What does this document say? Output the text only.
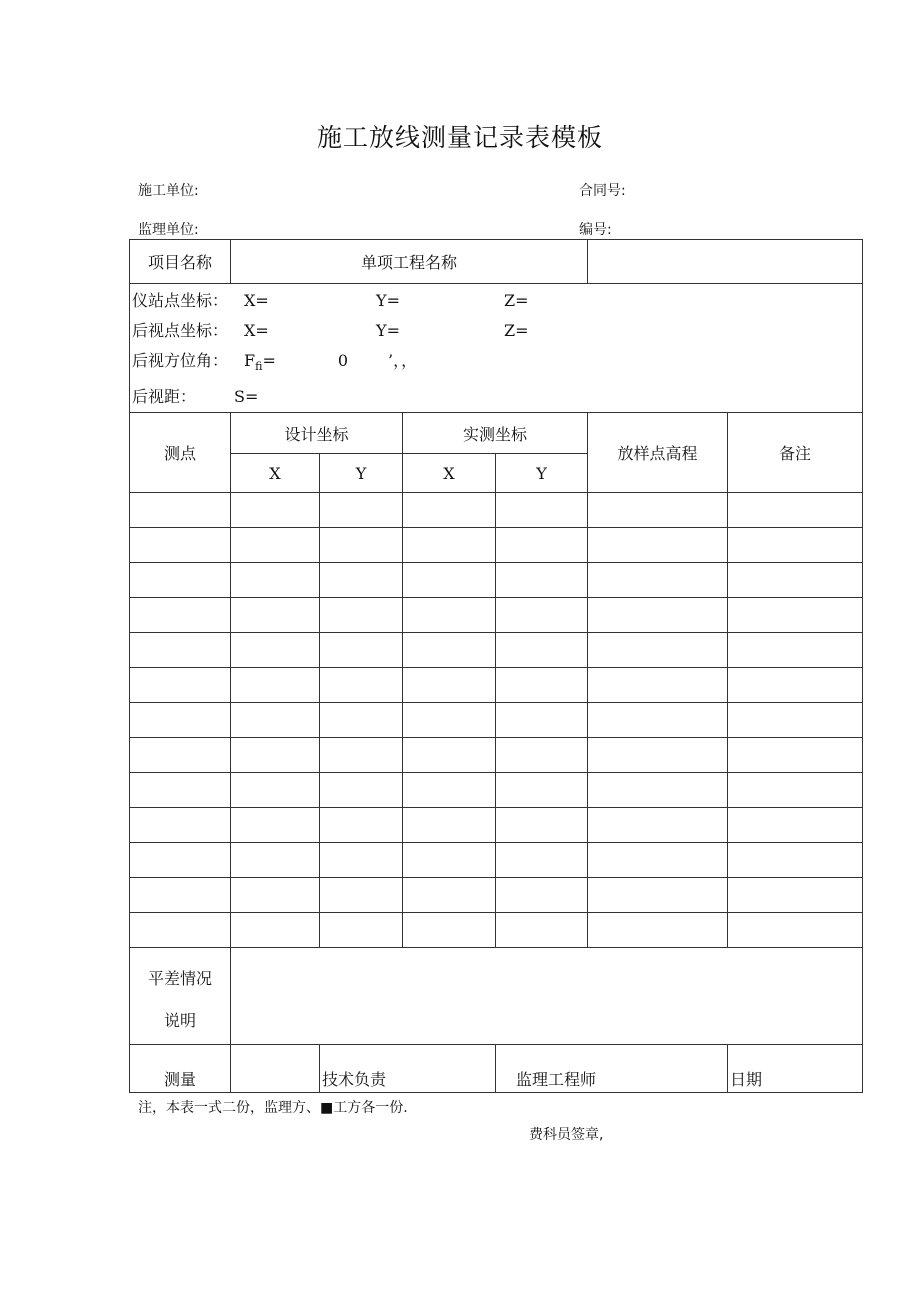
施工放线测量记录表模板
施工单位:	合同号:
监理单位:	编号:
项目名称	单项工程名称					

仪站点坐标： X= Y= Z=
后视点坐标： X= Y= Z=
后视方位角： $F_{fi}= 0$ ’，，
后视距： S=						

测点	设计坐标		实测坐标		放样点高程	备注
	X	Y	X	Y		

平差情况
说明						

测量		技术负责		监理工程师		日期
注，本表一式二份，监理方、■工方各一份.
费科员签章,
